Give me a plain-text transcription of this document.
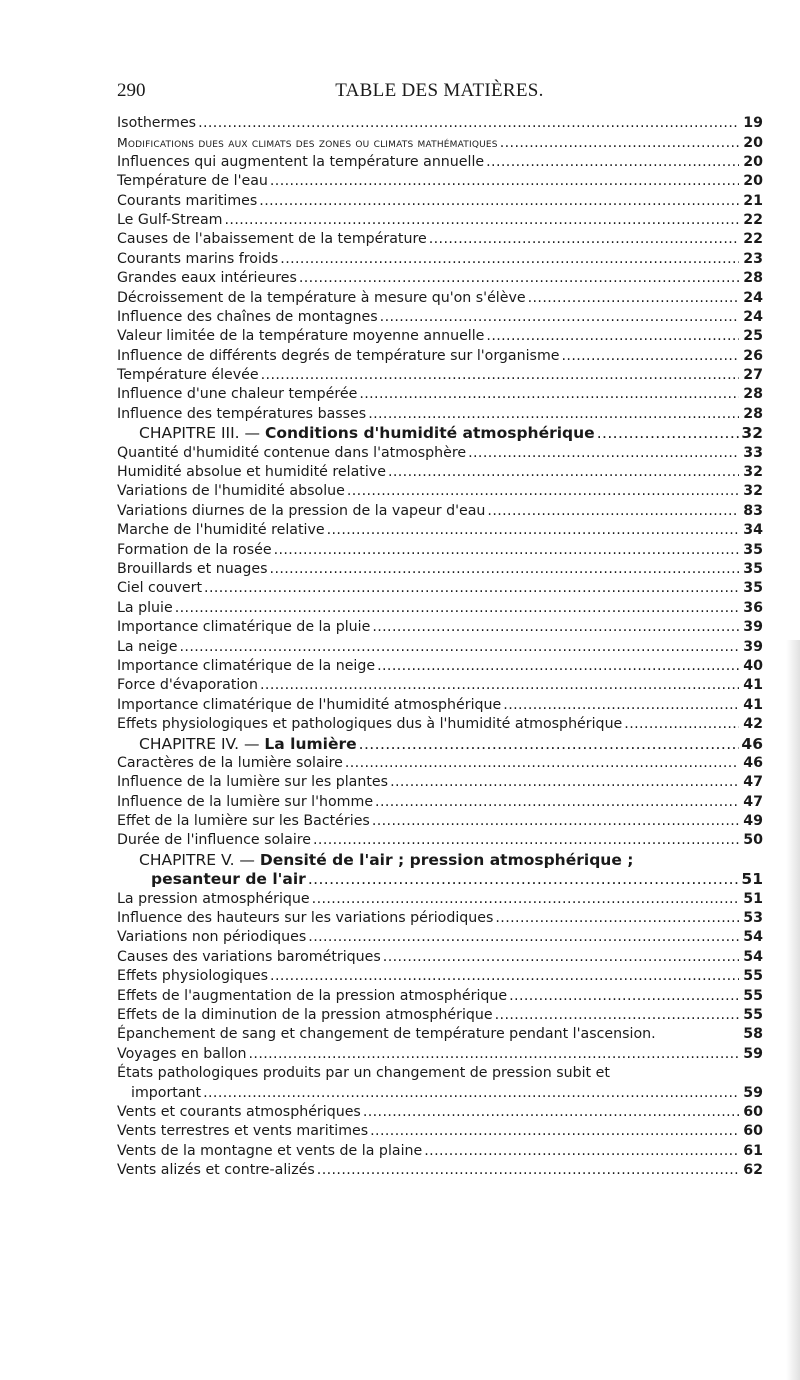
290	TABLE DES MATIÈRES.
Isothermes .....	19
Modifications dues aux climats des zones ou climats mathématiques .....	20
Influences qui augmentent la température annuelle .....	20
Température de l'eau .....	20
Courants maritimes .....	21
Le Gulf-Stream .....	22
Causes de l'abaissement de la température .....	22
Courants marins froids .....	23
Grandes eaux intérieures .....	28
Décroissement de la température à mesure qu'on s'élève .....	24
Influence des chaînes de montagnes .....	24
Valeur limitée de la température moyenne annuelle .....	25
Influence de différents degrés de température sur l'organisme .....	26
Température élevée .....	27
Influence d'une chaleur tempérée .....	28
Influence des températures basses .....	28
CHAPITRE III. — Conditions d'humidité atmosphérique .....	32
Quantité d'humidité contenue dans l'atmosphère .....	33
Humidité absolue et humidité relative .....	32
Variations de l'humidité absolue .....	32
Variations diurnes de la pression de la vapeur d'eau .....	83
Marche de l'humidité relative .....	34
Formation de la rosée .....	35
Brouillards et nuages .....	35
Ciel couvert .....	35
La pluie .....	36
Importance climatérique de la pluie .....	39
La neige .....	39
Importance climatérique de la neige .....	40
Force d'évaporation .....	41
Importance climatérique de l'humidité atmosphérique .....	41
Effets physiologiques et pathologiques dus à l'humidité atmosphérique .....	42
CHAPITRE IV. — La lumière .....	46
Caractères de la lumière solaire .....	46
Influence de la lumière sur les plantes .....	47
Influence de la lumière sur l'homme .....	47
Effet de la lumière sur les Bactéries .....	49
Durée de l'influence solaire .....	50
CHAPITRE V. — Densité de l'air ; pression atmosphérique ;
pesanteur de l'air .....	51
La pression atmosphérique .....	51
Influence des hauteurs sur les variations périodiques .....	53
Variations non périodiques .....	54
Causes des variations barométriques .....	54
Effets physiologiques .....	55
Effets de l'augmentation de la pression atmosphérique .....	55
Effets de la diminution de la pression atmosphérique .....	55
Épanchement de sang et changement de température pendant l'ascension.	58
Voyages en ballon .....	59
États pathologiques produits par un changement de pression subit et
important .....	59
Vents et courants atmosphériques .....	60
Vents terrestres et vents maritimes .....	60
Vents de la montagne et vents de la plaine .....	61
Vents alizés et contre-alizés .....	62
